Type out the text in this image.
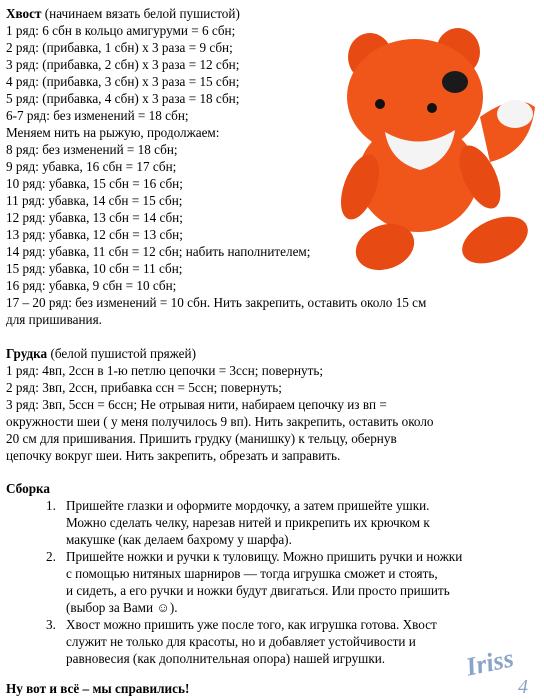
Хвост (начинаем вязать белой пушистой)
1 ряд: 6 сбн в кольцо амигуруми = 6 сбн;
2 ряд: (прибавка, 1 сбн) х 3 раза = 9 сбн;
3 ряд: (прибавка, 2 сбн) х 3 раза = 12 сбн;
4 ряд: (прибавка, 3 сбн) х 3 раза = 15 сбн;
5 ряд: (прибавка, 4 сбн) х 3 раза = 18 сбн;
6-7 ряд: без изменений = 18 сбн;
Меняем нить на рыжую, продолжаем:
8 ряд: без изменений = 18 сбн;
9 ряд: убавка, 16 сбн = 17 сбн;
10 ряд: убавка, 15 сбн = 16 сбн;
11 ряд: убавка, 14 сбн = 15 сбн;
12 ряд: убавка, 13 сбн = 14 сбн;
13 ряд: убавка, 12 сбн = 13 сбн;
14 ряд: убавка, 11 сбн = 12 сбн; набить наполнителем;
15 ряд: убавка, 10 сбн = 11 сбн;
16 ряд: убавка, 9 сбн = 10 сбн;
17 – 20 ряд: без изменений = 10 сбн. Нить закрепить, оставить около 15 см
для пришивания.
Грудка (белой пушистой пряжей)
1 ряд: 4вп, 2ссн в 1-ю петлю цепочки = 3ссн; повернуть;
2 ряд: 3вп, 2ссн, прибавка ссн = 5ссн; повернуть;
3 ряд: 3вп, 5ссн = 6ссн; Не отрывая нити, набираем цепочку из вп =
окружности шеи ( у меня получилось 9 вп). Нить закрепить, оставить около
20 см для пришивания. Пришить грудку (манишку) к тельцу, обернув
цепочку вокруг шеи. Нить закрепить, обрезать и заправить.
Сборка
1. Пришейте глазки и оформите мордочку, а затем пришейте ушки.
Можно сделать челку, нарезав нитей и прикрепить их крючком к
макушке (как делаем бахрому у шарфа).
2. Пришейте ножки и ручки к туловищу. Можно пришить ручки и ножки
с помощью нитяных шарниров — тогда игрушка сможет и стоять,
и сидеть, а его ручки и ножки будут двигаться. Или просто пришить
(выбор за Вами ☺).
3. Хвост можно пришить уже после того, как игрушка готова. Хвост
служит не только для красоты, но и добавляет устойчивости и
равновесия (как дополнительная опора) нашей игрушки.
Ну вот и всё – мы справились!
Iriss
4
